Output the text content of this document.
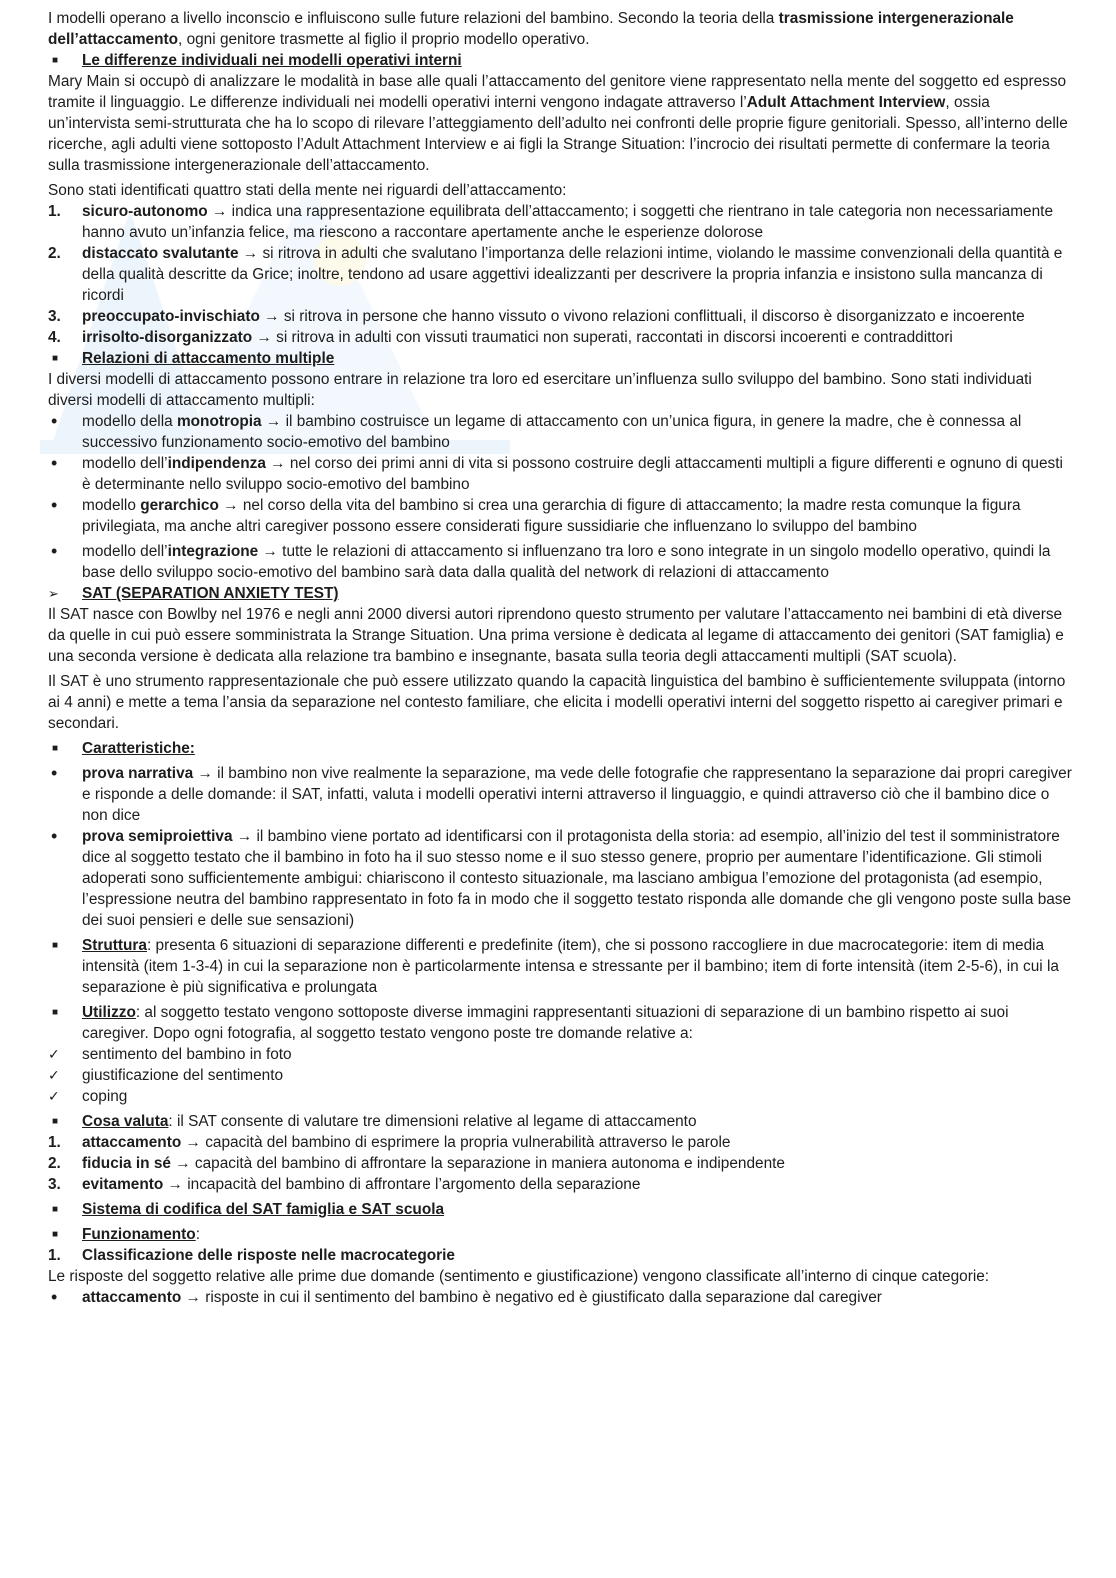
I modelli operano a livello inconscio e influiscono sulle future relazioni del bambino. Secondo la teoria della trasmissione intergenerazionale dell’attaccamento, ogni genitore trasmette al figlio il proprio modello operativo.

■	Le differenze individuali nei modelli operativi interni

Mary Main si occupò di analizzare le modalità in base alle quali l’attaccamento del genitore viene rappresentato nella mente del soggetto ed espresso tramite il linguaggio. Le differenze individuali nei modelli operativi interni vengono indagate attraverso l’Adult Attachment Interview, ossia un’intervista semi-strutturata che ha lo scopo di rilevare l’atteggiamento dell’adulto nei confronti delle proprie figure genitoriali. Spesso, all’interno delle ricerche, agli adulti viene sottoposto l’Adult Attachment Interview e ai figli la Strange Situation: l’incrocio dei risultati permette di confermare la teoria sulla trasmissione intergenerazionale dell’attaccamento.

Sono stati identificati quattro stati della mente nei riguardi dell’attaccamento:

1.	sicuro-autonomo → indica una rappresentazione equilibrata dell’attaccamento; i soggetti che rientrano in tale categoria non necessariamente hanno avuto un’infanzia felice, ma riescono a raccontare apertamente anche le esperienze dolorose
2.	distaccato svalutante → si ritrova in adulti che svalutano l’importanza delle relazioni intime, violando le massime convenzionali della quantità e della qualità descritte da Grice; inoltre, tendono ad usare aggettivi idealizzanti per descrivere la propria infanzia e insistono sulla mancanza di ricordi
3.	preoccupato-invischiato → si ritrova in persone che hanno vissuto o vivono relazioni conflittuali, il discorso è disorganizzato e incoerente
4.	irrisolto-disorganizzato → si ritrova in adulti con vissuti traumatici non superati, raccontati in discorsi incoerenti e contraddittori
■	Relazioni di attaccamento multiple

I diversi modelli di attaccamento possono entrare in relazione tra loro ed esercitare un’influenza sullo sviluppo del bambino. Sono stati individuati diversi modelli di attaccamento multipli:

•	modello della monotropia → il bambino costruisce un legame di attaccamento con un’unica figura, in genere la madre, che è connessa al successivo funzionamento socio-emotivo del bambino
•	modello dell’indipendenza → nel corso dei primi anni di vita si possono costruire degli attaccamenti multipli a figure differenti e ognuno di questi è determinante nello sviluppo socio-emotivo del bambino
•	modello gerarchico → nel corso della vita del bambino si crea una gerarchia di figure di attaccamento; la madre resta comunque la figura privilegiata, ma anche altri caregiver possono essere considerati figure sussidiarie che influenzano lo sviluppo del bambino
•	modello dell’integrazione → tutte le relazioni di attaccamento si influenzano tra loro e sono integrate in un singolo modello operativo, quindi la base dello sviluppo socio-emotivo del bambino sarà data dalla qualità del network di relazioni di attaccamento
➢	SAT (SEPARATION ANXIETY TEST)

Il SAT nasce con Bowlby nel 1976 e negli anni 2000 diversi autori riprendono questo strumento per valutare l’attaccamento nei bambini di età diverse da quelle in cui può essere somministrata la Strange Situation. Una prima versione è dedicata al legame di attaccamento dei genitori (SAT famiglia) e una seconda versione è dedicata alla relazione tra bambino e insegnante, basata sulla teoria degli attaccamenti multipli (SAT scuola).

Il SAT è uno strumento rappresentazionale che può essere utilizzato quando la capacità linguistica del bambino è sufficientemente sviluppata (intorno ai 4 anni) e mette a tema l’ansia da separazione nel contesto familiare, che elicita i modelli operativi interni del soggetto rispetto ai caregiver primari e secondari.

■	Caratteristiche:
•	prova narrativa → il bambino non vive realmente la separazione, ma vede delle fotografie che rappresentano la separazione dai propri caregiver e risponde a delle domande: il SAT, infatti, valuta i modelli operativi interni attraverso il linguaggio, e quindi attraverso ciò che il bambino dice o non dice
•	prova semiproiettiva → il bambino viene portato ad identificarsi con il protagonista della storia: ad esempio, all’inizio del test il somministratore dice al soggetto testato che il bambino in foto ha il suo stesso nome e il suo stesso genere, proprio per aumentare l’identificazione. Gli stimoli adoperati sono sufficientemente ambigui: chiariscono il contesto situazionale, ma lasciano ambigua l’emozione del protagonista (ad esempio, l’espressione neutra del bambino rappresentato in foto fa in modo che il soggetto testato risponda alle domande che gli vengono poste sulla base dei suoi pensieri e delle sue sensazioni)
■	Struttura: presenta 6 situazioni di separazione differenti e predefinite (item), che si possono raccogliere in due macrocategorie: item di media intensità (item 1-3-4) in cui la separazione non è particolarmente intensa e stressante per il bambino; item di forte intensità (item 2-5-6), in cui la separazione è più significativa e prolungata
■	Utilizzo: al soggetto testato vengono sottoposte diverse immagini rappresentanti situazioni di separazione di un bambino rispetto ai suoi caregiver. Dopo ogni fotografia, al soggetto testato vengono poste tre domande relative a:
✓	sentimento del bambino in foto
✓	giustificazione del sentimento
✓	coping
■	Cosa valuta: il SAT consente di valutare tre dimensioni relative al legame di attaccamento
1.	attaccamento → capacità del bambino di esprimere la propria vulnerabilità attraverso le parole
2.	fiducia in sé → capacità del bambino di affrontare la separazione in maniera autonoma e indipendente
3.	evitamento → incapacità del bambino di affrontare l’argomento della separazione
■	Sistema di codifica del SAT famiglia e SAT scuola
■	Funzionamento:
1.	Classificazione delle risposte nelle macrocategorie

Le risposte del soggetto relative alle prime due domande (sentimento e giustificazione) vengono classificate all’interno di cinque categorie:

•	attaccamento → risposte in cui il sentimento del bambino è negativo ed è giustificato dalla separazione dal caregiver
